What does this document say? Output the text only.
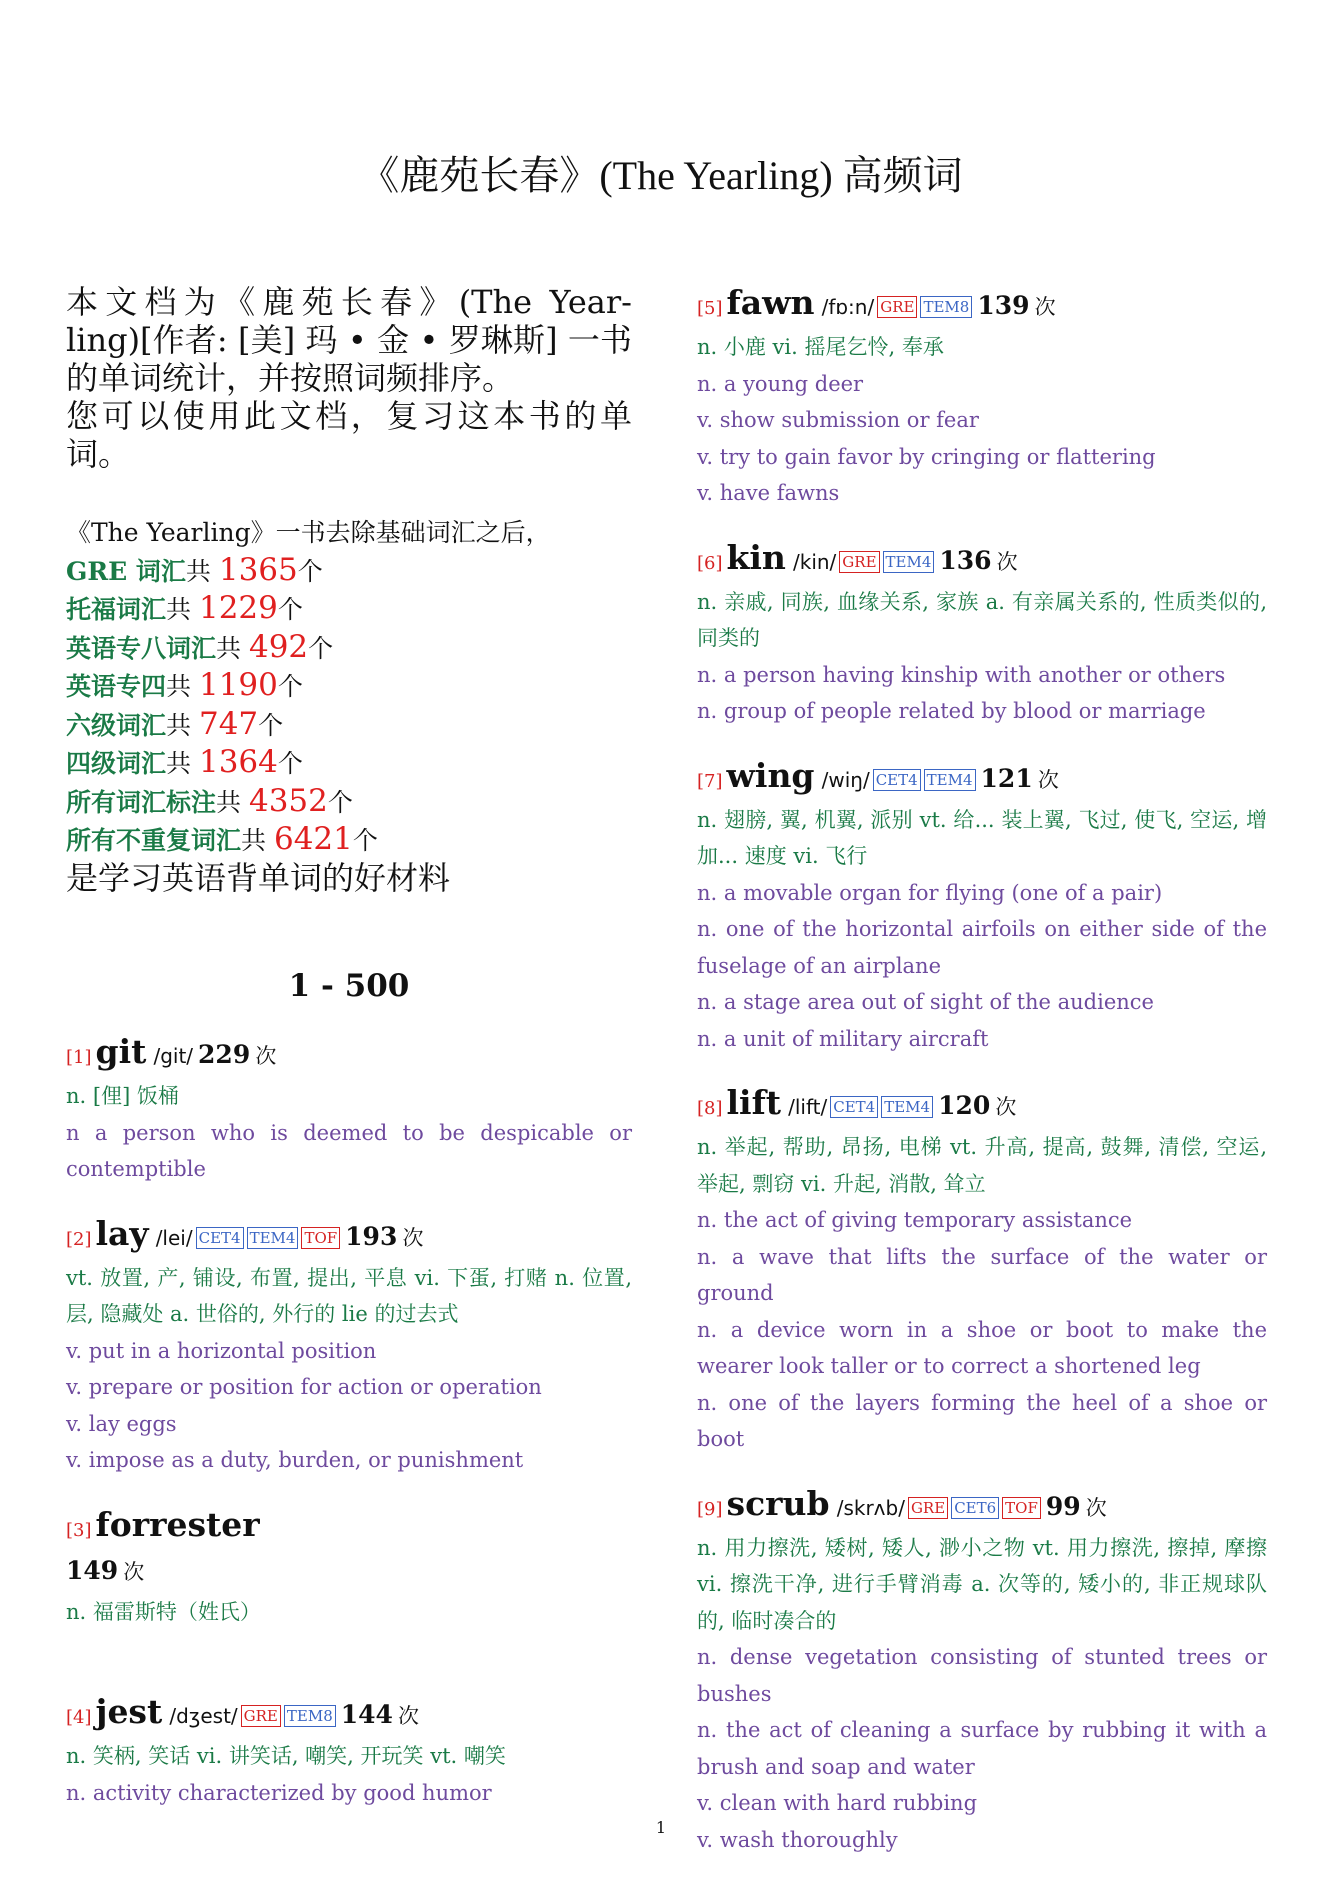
《鹿苑长春》(The Yearling) 高频词
本文档为《鹿苑长春》(The Year-
ling)[作者: [美] 玛 • 金 • 罗琳斯] 一书的单词统计，并按照词频排序。
您可以使用此文档，复习这本书的单词。
《The Yearling》一书去除基础词汇之后，
GRE 词汇共 1365个
托福词汇共 1229个
英语专八词汇共 492个
英语专四共 1190个
六级词汇共 747个
四级词汇共 1364个
所有词汇标注共 4352个
所有不重复词汇共 6421个
是学习英语背单词的好材料
1 - 500
[1] git /git/ 229 次
n. [俚] 饭桶
n a person who is deemed to be despicable or contemptible
[2] lay /lei/ CET4 TEM4 TOF 193 次
vt. 放置, 产, 铺设, 布置, 提出, 平息 vi. 下蛋, 打赌 n. 位置, 层, 隐藏处 a. 世俗的, 外行的 lie 的过去式
v. put in a horizontal position
v. prepare or position for action or operation
v. lay eggs
v. impose as a duty, burden, or punishment
[3] forrester
149 次
n. 福雷斯特（姓氏）
[4] jest /dʒest/ GRE TEM8 144 次
n. 笑柄, 笑话 vi. 讲笑话, 嘲笑, 开玩笑 vt. 嘲笑
n. activity characterized by good humor
[5] fawn /fɒ:n/ GRE TEM8 139 次
n. 小鹿 vi. 摇尾乞怜, 奉承
n. a young deer
v. show submission or fear
v. try to gain favor by cringing or flattering
v. have fawns
[6] kin /kin/ GRE TEM4 136 次
n. 亲戚, 同族, 血缘关系, 家族 a. 有亲属关系的, 性质类似的, 同类的
n. a person having kinship with another or others
n. group of people related by blood or marriage
[7] wing /wiŋ/ CET4 TEM4 121 次
n. 翅膀, 翼, 机翼, 派别 vt. 给... 装上翼, 飞过, 使飞, 空运, 增加... 速度 vi. 飞行
n. a movable organ for flying (one of a pair)
n. one of the horizontal airfoils on either side of the fuselage of an airplane
n. a stage area out of sight of the audience
n. a unit of military aircraft
[8] lift /lift/ CET4 TEM4 120 次
n. 举起, 帮助, 昂扬, 电梯 vt. 升高, 提高, 鼓舞, 清偿, 空运, 举起, 剽窃 vi. 升起, 消散, 耸立
n. the act of giving temporary assistance
n. a wave that lifts the surface of the water or ground
n. a device worn in a shoe or boot to make the wearer look taller or to correct a shortened leg
n. one of the layers forming the heel of a shoe or boot
[9] scrub /skrʌb/ GRE CET6 TOF 99 次
n. 用力擦洗, 矮树, 矮人, 渺小之物 vt. 用力擦洗, 擦掉, 摩擦 vi. 擦洗干净, 进行手臂消毒 a. 次等的, 矮小的, 非正规球队的, 临时凑合的
n. dense vegetation consisting of stunted trees or bushes
n. the act of cleaning a surface by rubbing it with a brush and soap and water
v. clean with hard rubbing
v. wash thoroughly
1
